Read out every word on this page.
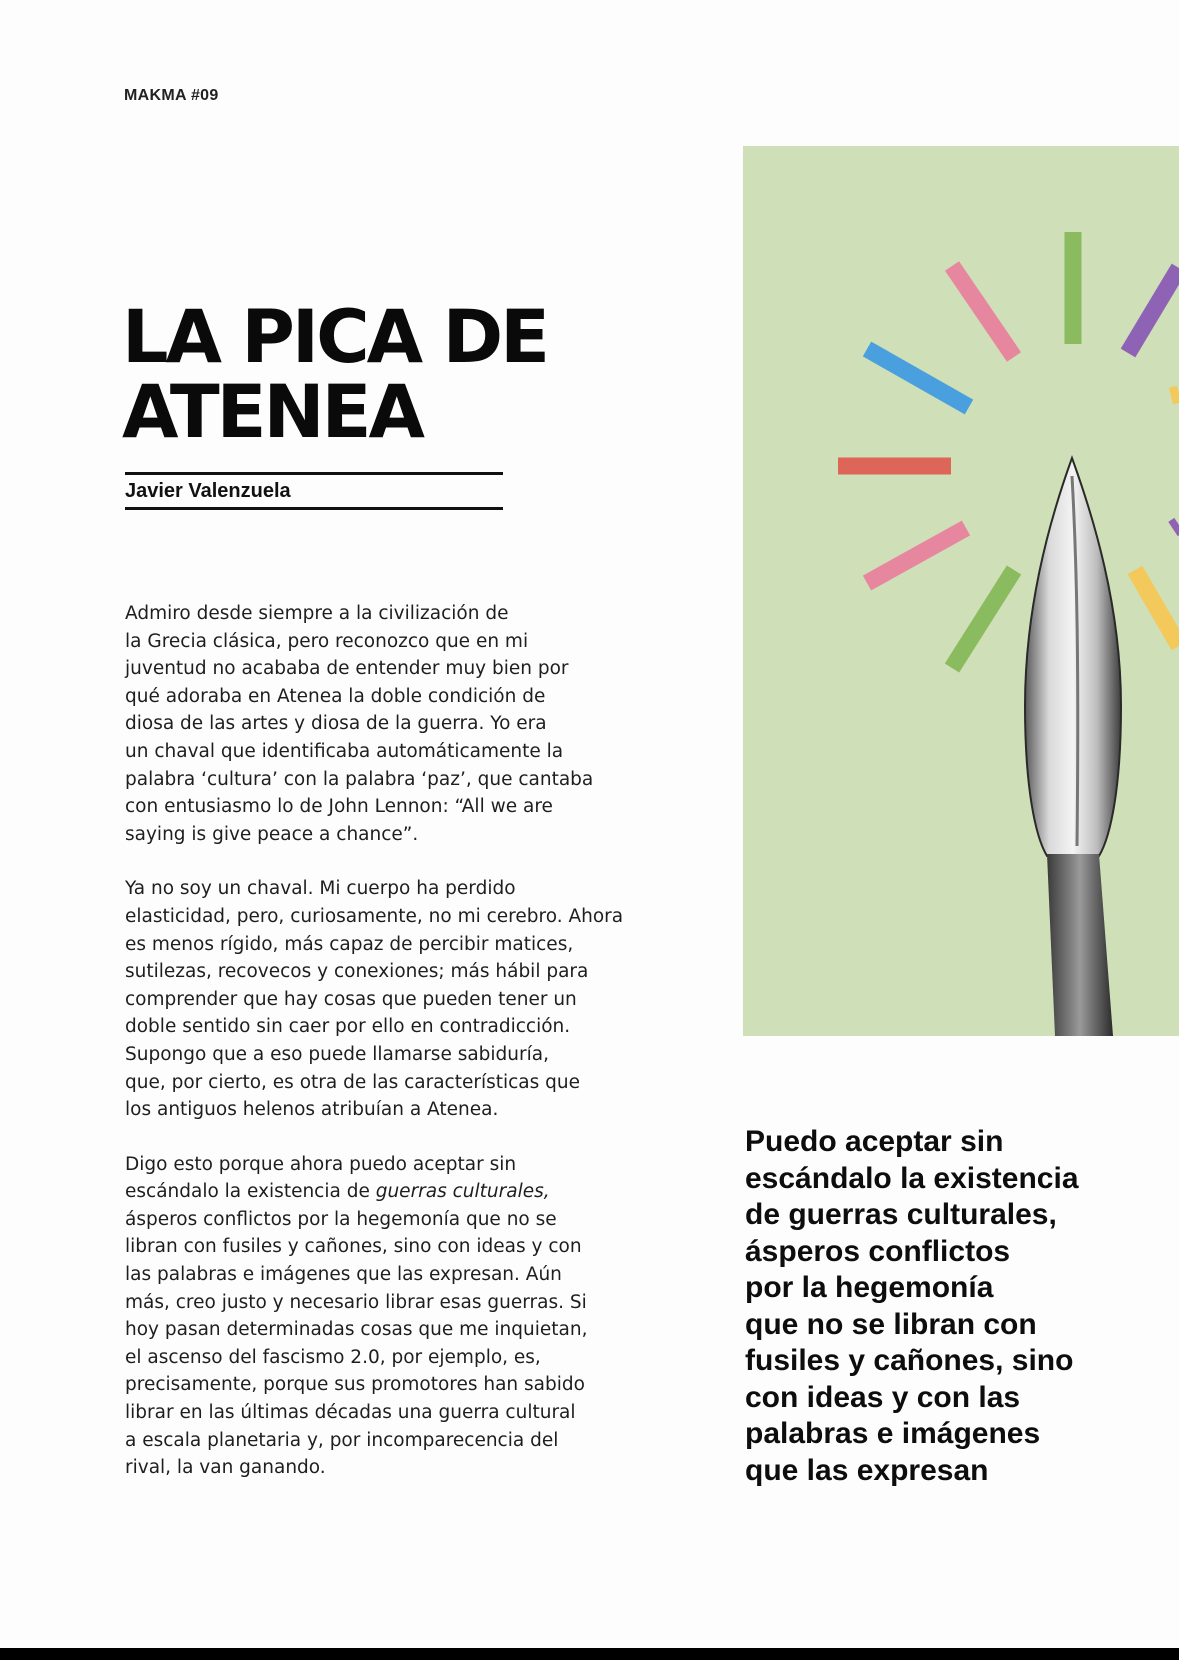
MAKMA #09
LA PICA DE
ATENEA
Javier Valenzuela

Admiro desde siempre a la civilización de
la Grecia clásica, pero reconozco que en mi
juventud no acababa de entender muy bien por
qué adoraba en Atenea la doble condición de
diosa de las artes y diosa de la guerra. Yo era
un chaval que identificaba automáticamente la
palabra ‘cultura’ con la palabra ‘paz’, que cantaba
con entusiasmo lo de John Lennon: “All we are
saying is give peace a chance”.

Ya no soy un chaval. Mi cuerpo ha perdido
elasticidad, pero, curiosamente, no mi cerebro. Ahora
es menos rígido, más capaz de percibir matices,
sutilezas, recovecos y conexiones; más hábil para
comprender que hay cosas que pueden tener un
doble sentido sin caer por ello en contradicción.
Supongo que a eso puede llamarse sabiduría,
que, por cierto, es otra de las características que
los antiguos helenos atribuían a Atenea.

Digo esto porque ahora puedo aceptar sin
escándalo la existencia de guerras culturales,
ásperos conflictos por la hegemonía que no se
libran con fusiles y cañones, sino con ideas y con
las palabras e imágenes que las expresan. Aún
más, creo justo y necesario librar esas guerras. Si
hoy pasan determinadas cosas que me inquietan,
el ascenso del fascismo 2.0, por ejemplo, es,
precisamente, porque sus promotores han sabido
librar en las últimas décadas una guerra cultural
a escala planetaria y, por incomparecencia del
rival, la van ganando.

Puedo aceptar sin
escándalo la existencia
de guerras culturales,
ásperos conflictos
por la hegemonía
que no se libran con
fusiles y cañones, sino
con ideas y con las
palabras e imágenes
que las expresan
